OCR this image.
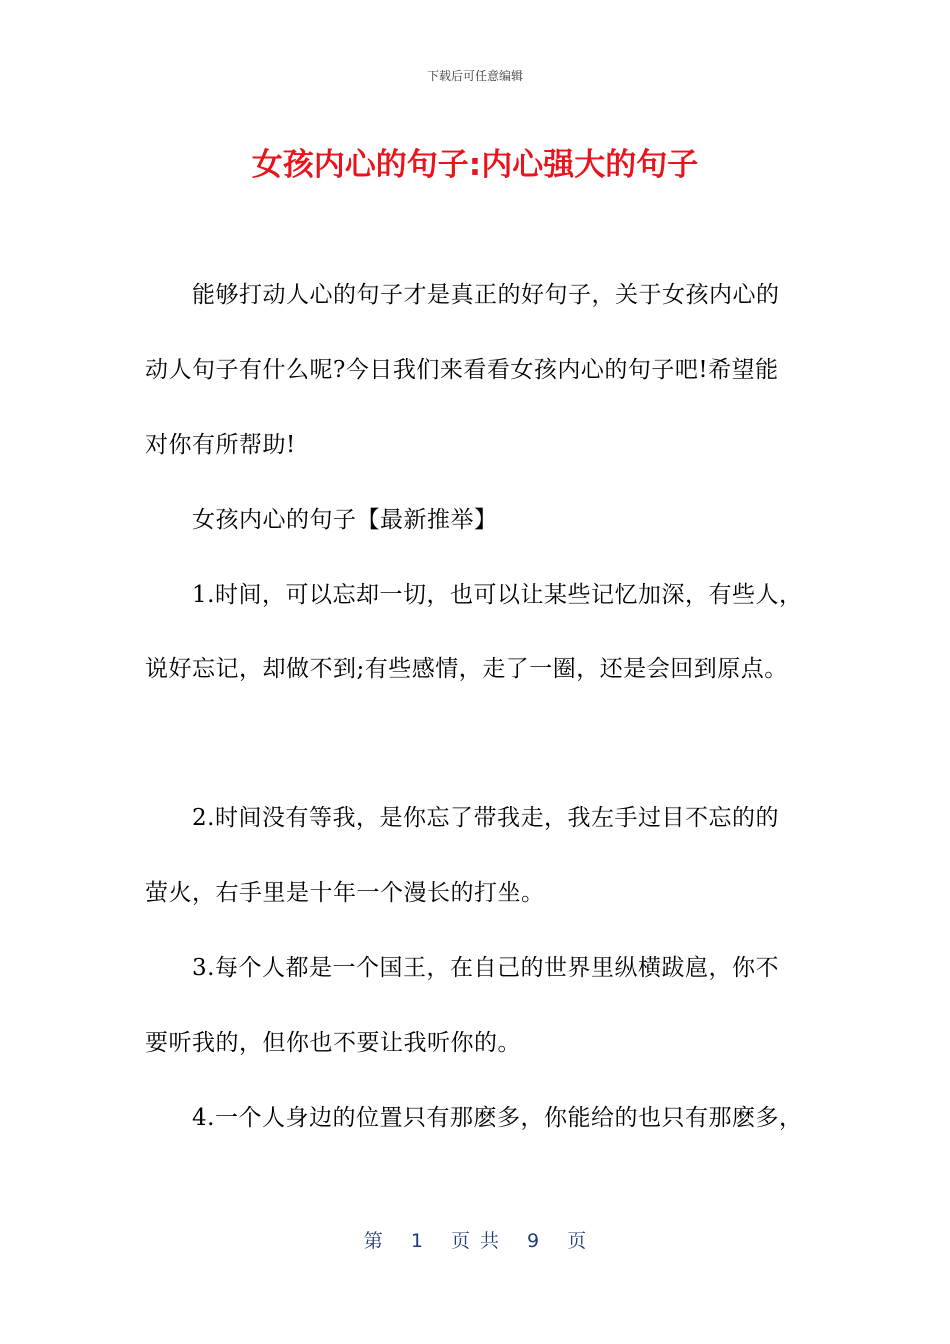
下载后可任意编辑
女孩内心的句子:内心强大的句子
能够打动人心的句子才是真正的好句子，关于女孩内心的
动人句子有什么呢?今日我们来看看女孩内心的句子吧!希望能
对你有所帮助!
女孩内心的句子【最新推举】
1.时间，可以忘却一切，也可以让某些记忆加深，有些人，
说好忘记，却做不到;有些感情，走了一圈，还是会回到原点。
2.时间没有等我，是你忘了带我走，我左手过目不忘的的
萤火，右手里是十年一个漫长的打坐。
3.每个人都是一个国王，在自己的世界里纵横跋扈，你不
要听我的，但你也不要让我听你的。
4.一个人身边的位置只有那麽多，你能给的也只有那麽多，
第 1 页共 9 页
